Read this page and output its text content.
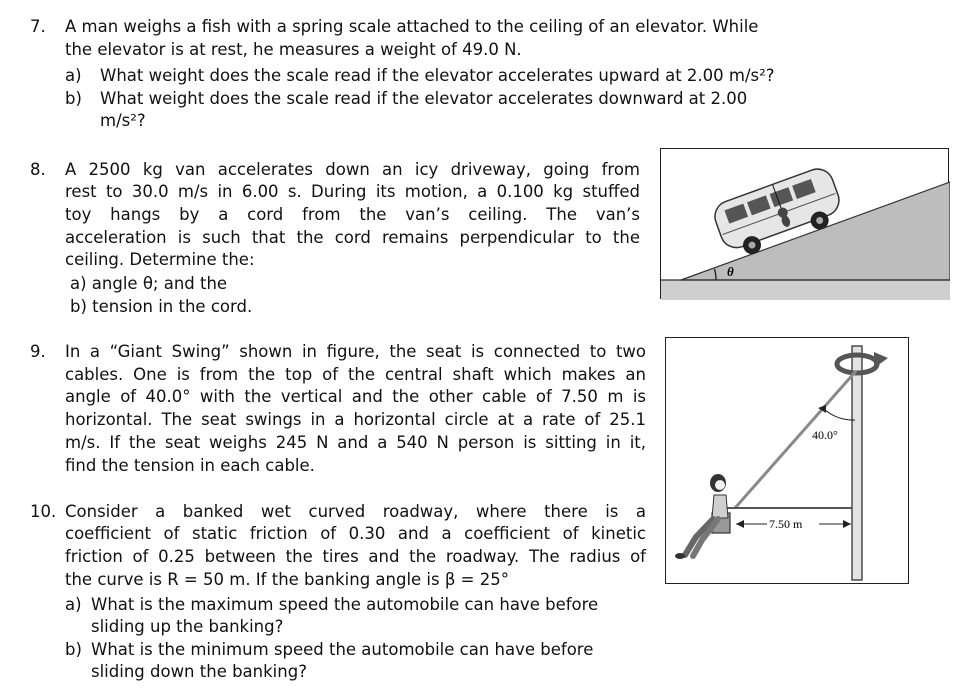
7. A man weighs a fish with a spring scale attached to the ceiling of an elevator. While
the elevator is at rest, he measures a weight of 49.0 N.
a) What weight does the scale read if the elevator accelerates upward at 2.00 m/s²?
b) What weight does the scale read if the elevator accelerates downward at 2.00
m/s²?
8. A 2500 kg van accelerates down an icy driveway, going from
rest to 30.0 m/s in 6.00 s. During its motion, a 0.100 kg stuffed
toy hangs by a cord from the van’s ceiling. The van’s
acceleration is such that the cord remains perpendicular to the
ceiling. Determine the:
a) angle θ; and the
b) tension in the cord.
θ
9. In a “Giant Swing” shown in figure, the seat is connected to two
cables. One is from the top of the central shaft which makes an
angle of 40.0° with the vertical and the other cable of 7.50 m is
horizontal. The seat swings in a horizontal circle at a rate of 25.1
m/s. If the seat weighs 245 N and a 540 N person is sitting in it,
find the tension in each cable.
40.0°
7.50 m
10. Consider a banked wet curved roadway, where there is a
coefficient of static friction of 0.30 and a coefficient of kinetic
friction of 0.25 between the tires and the roadway. The radius of
the curve is R = 50 m. If the banking angle is β = 25°
a) What is the maximum speed the automobile can have before
sliding up the banking?
b) What is the minimum speed the automobile can have before
sliding down the banking?
